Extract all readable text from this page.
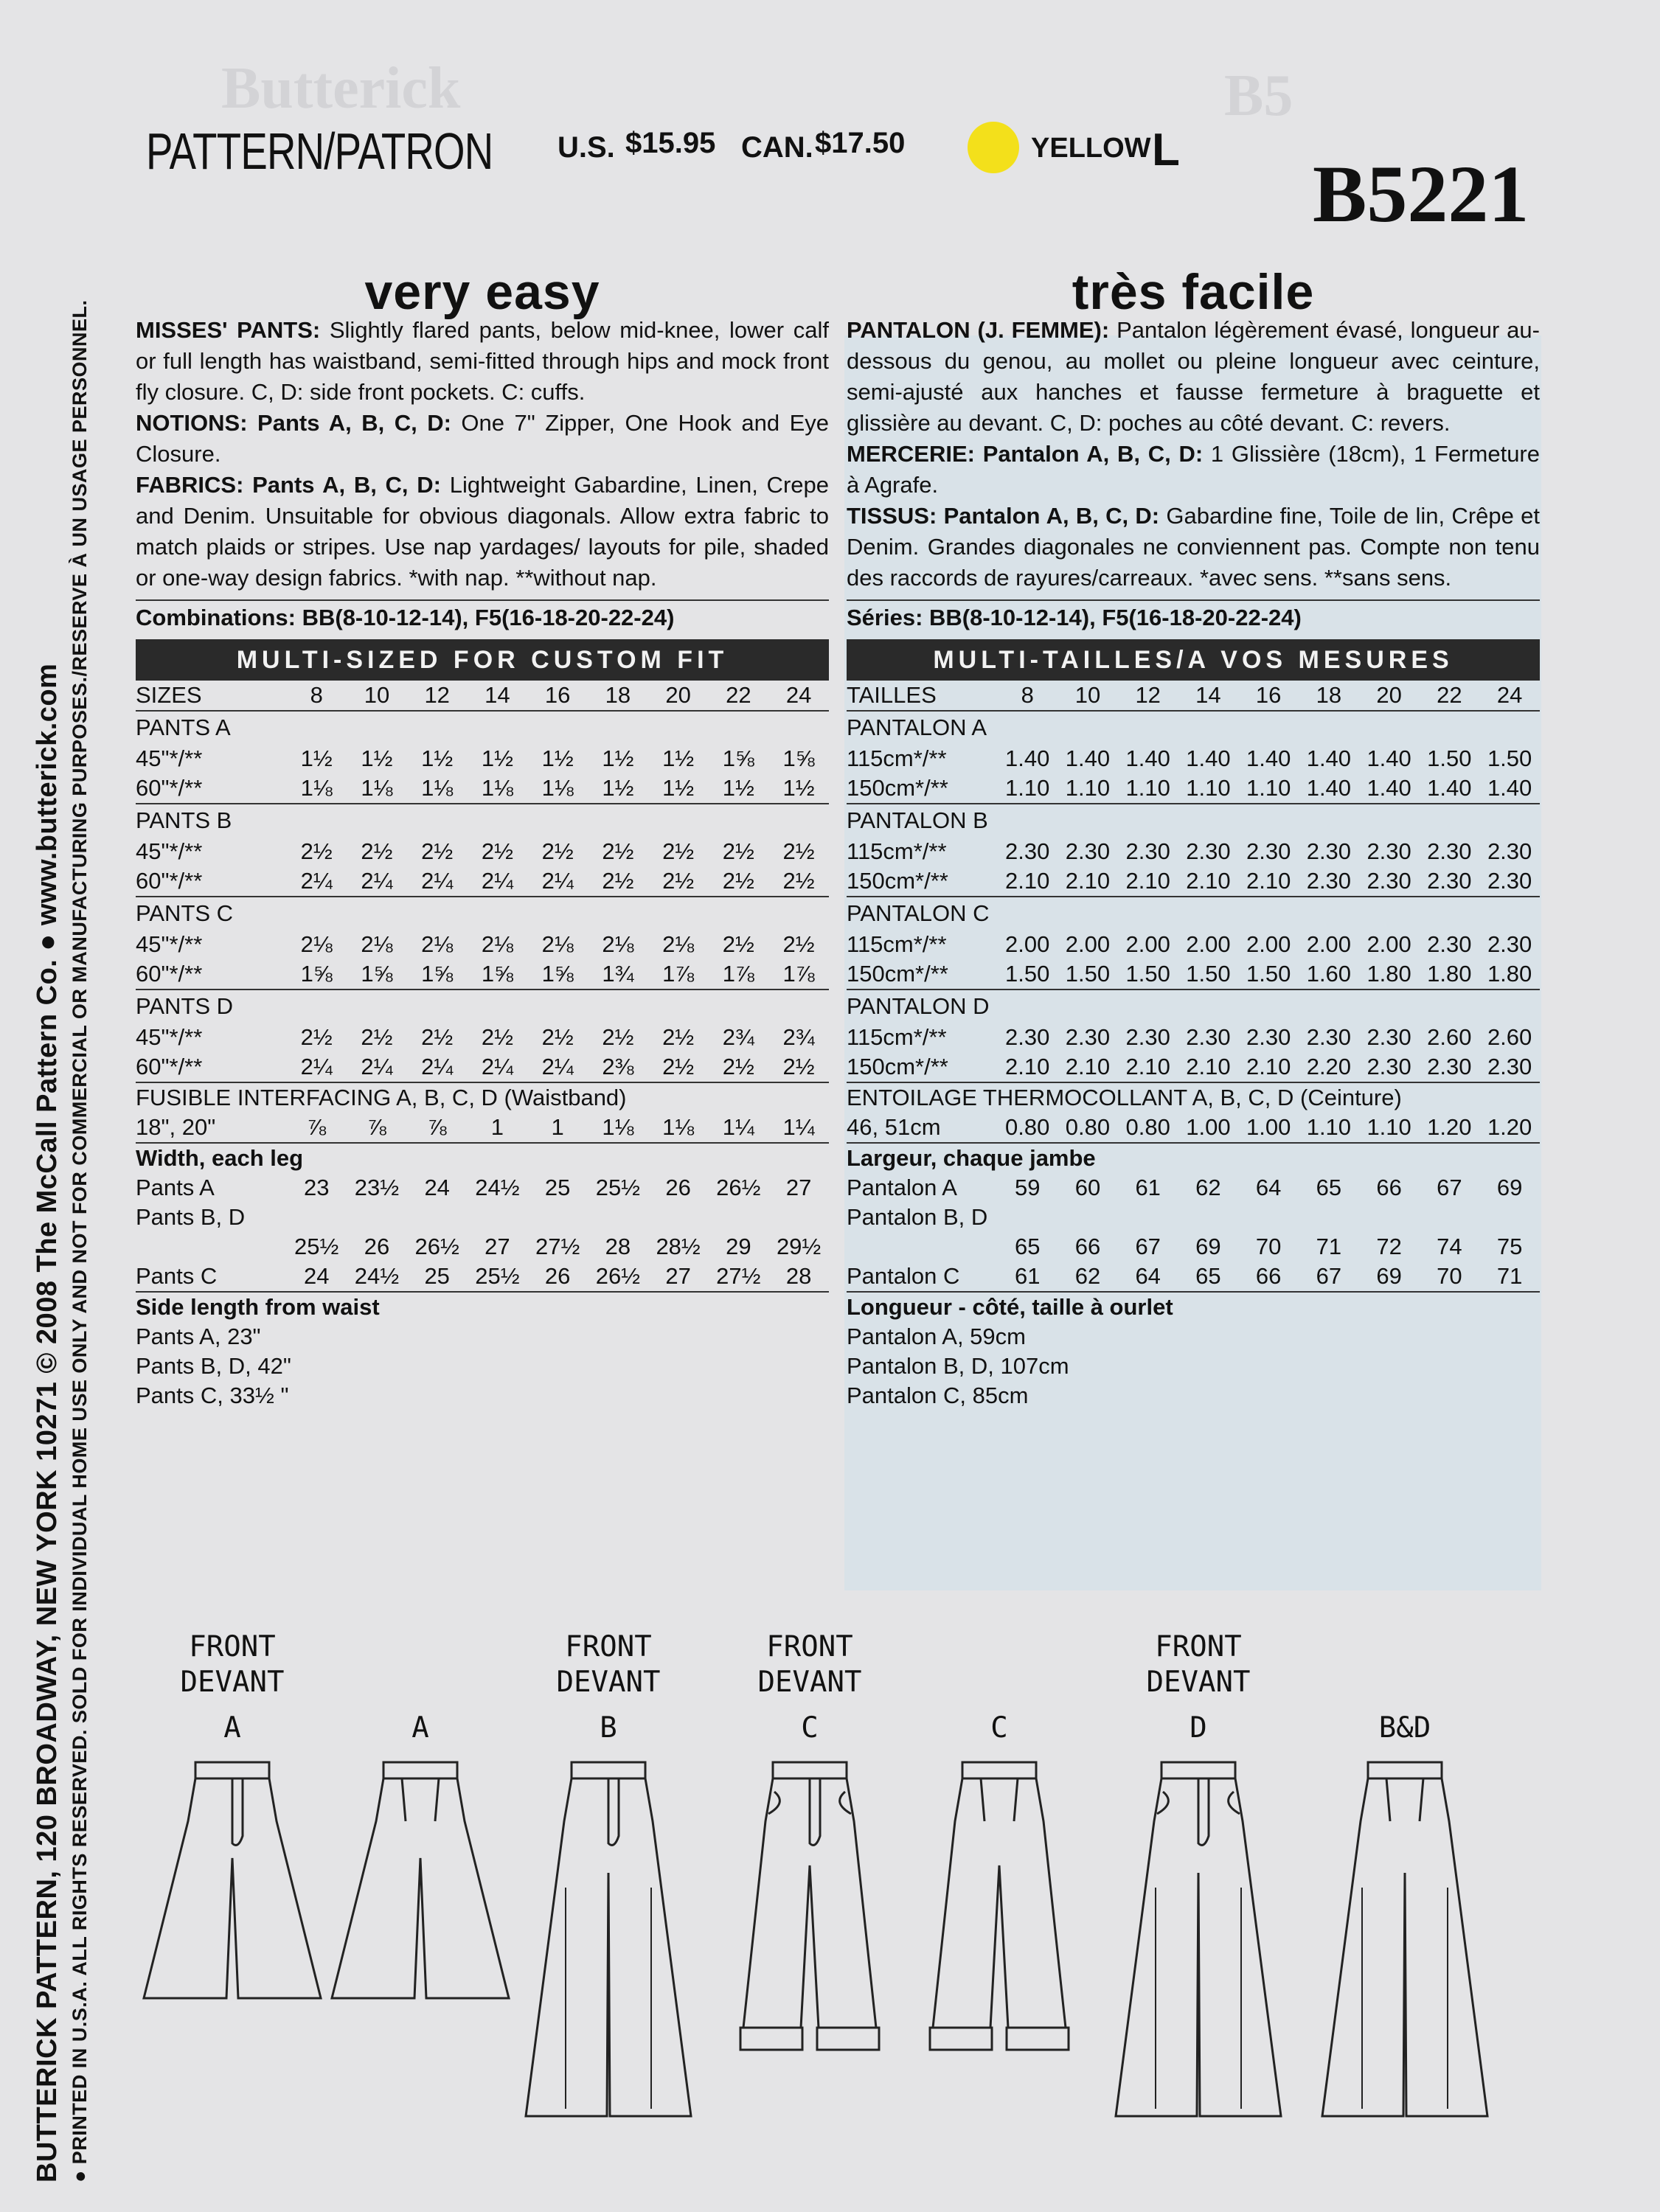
Butterick	B5
BUTTERICK PATTERN, 120 BROADWAY, NEW YORK 10271 © 2008 The McCall Pattern Co. ● www.butterick.com ● PRINTED IN U.S.A. ALL RIGHTS RESERVED. SOLD FOR INDIVIDUAL HOME USE ONLY AND NOT FOR COMMERCIAL OR MANUFACTURING PURPOSES./RESERVE À UN USAGE PERSONNEL.
PATTERN/PATRON U.S. $15.95 CAN. $17.50	YELLOW L B5221
very easy

MISSES' PANTS: Slightly flared pants, below mid-knee, lower calf or full length has waistband, semi-fitted through hips and mock front fly closure. C, D: side front pockets. C: cuffs.

NOTIONS: Pants A, B, C, D: One 7" Zipper, One Hook and Eye Closure.

FABRICS: Pants A, B, C, D: Lightweight Gabardine, Linen, Crepe and Denim. Unsuitable for obvious diagonals. Allow extra fabric to match plaids or stripes. Use nap yardages/ layouts for pile, shaded or one-way design fabrics. *with nap. **without nap.

Combinations: BB(8-10-12-14), F5(16-18-20-22-24)
MULTI-SIZED FOR CUSTOM FIT
SIZES	8	10	12	14	16	18	20	22	24
PANTS A									
45"*/**	1½	1½	1½	1½	1½	1½	1½	1⅝	1⅝
60"*/**	1⅛	1⅛	1⅛	1⅛	1⅛	1½	1½	1½	1½
PANTS B									
45"*/**	2½	2½	2½	2½	2½	2½	2½	2½	2½
60"*/**	2¼	2¼	2¼	2¼	2¼	2½	2½	2½	2½
PANTS C									
45"*/**	2⅛	2⅛	2⅛	2⅛	2⅛	2⅛	2⅛	2½	2½
60"*/**	1⅝	1⅝	1⅝	1⅝	1⅝	1¾	1⅞	1⅞	1⅞
PANTS D									
45"*/**	2½	2½	2½	2½	2½	2½	2½	2¾	2¾
60"*/**	2¼	2¼	2¼	2¼	2¼	2⅜	2½	2½	2½
FUSIBLE INTERFACING A, B, C, D (Waistband)									
18", 20"	⅞	⅞	⅞	1	1	1⅛	1⅛	1¼	1¼
Width, each leg									
Pants A	23	23½	24	24½	25	25½	26	26½	27
Pants B, D									
	25½	26	26½	27	27½	28	28½	29	29½
Pants C	24	24½	25	25½	26	26½	27	27½	28
Side length from waist									
Pants A, 23"									
Pants B, D, 42"									
Pants C, 33½ "									
très facile

PANTALON (J. FEMME): Pantalon légèrement évasé, longueur au-dessous du genou, au mollet ou pleine longueur avec ceinture, semi-ajusté aux hanches et fausse fermeture à braguette et glissière au devant. C, D: poches au côté devant. C: revers.

MERCERIE: Pantalon A, B, C, D: 1 Glissière (18cm), 1 Fermeture à Agrafe.

TISSUS: Pantalon A, B, C, D: Gabardine fine, Toile de lin, Crêpe et Denim. Grandes diagonales ne conviennent pas. Compte non tenu des raccords de rayures/carreaux. *avec sens. **sans sens.

Séries: BB(8-10-12-14), F5(16-18-20-22-24)
MULTI-TAILLES/A VOS MESURES
TAILLES	8	10	12	14	16	18	20	22	24
PANTALON A									
115cm*/**	1.40	1.40	1.40	1.40	1.40	1.40	1.40	1.50	1.50
150cm*/**	1.10	1.10	1.10	1.10	1.10	1.40	1.40	1.40	1.40
PANTALON B									
115cm*/**	2.30	2.30	2.30	2.30	2.30	2.30	2.30	2.30	2.30
150cm*/**	2.10	2.10	2.10	2.10	2.10	2.30	2.30	2.30	2.30
PANTALON C									
115cm*/**	2.00	2.00	2.00	2.00	2.00	2.00	2.00	2.30	2.30
150cm*/**	1.50	1.50	1.50	1.50	1.50	1.60	1.80	1.80	1.80
PANTALON D									
115cm*/**	2.30	2.30	2.30	2.30	2.30	2.30	2.30	2.60	2.60
150cm*/**	2.10	2.10	2.10	2.10	2.10	2.20	2.30	2.30	2.30
ENTOILAGE THERMOCOLLANT A, B, C, D (Ceinture)									
46, 51cm	0.80	0.80	0.80	1.00	1.00	1.10	1.10	1.20	1.20
Largeur, chaque jambe									
Pantalon A	59	60	61	62	64	65	66	67	69
Pantalon B, D									
	65	66	67	69	70	71	72	74	75
Pantalon C	61	62	64	65	66	67	69	70	71
Longueur - côté, taille à ourlet									
Pantalon A, 59cm									
Pantalon B, D, 107cm									
Pantalon C, 85cm									
FRONT
DEVANT
A	A
FRONT
DEVANT
B
FRONT
DEVANT
C	C
FRONT
DEVANT
D	B&D
